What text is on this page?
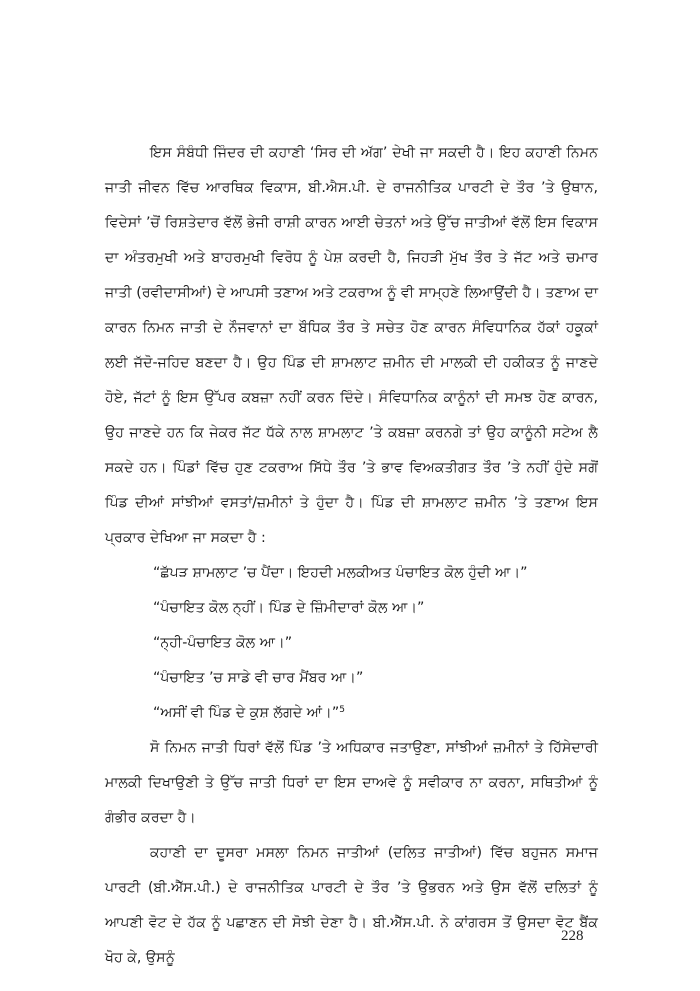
ਇਸ ਸੰਬੰਧੀ ਜਿੰਦਰ ਦੀ ਕਹਾਣੀ ‘ਸਿਰ ਦੀ ਅੱਗ’ ਦੇਖੀ ਜਾ ਸਕਦੀ ਹੈ। ਇਹ ਕਹਾਣੀ ਨਿਮਨ ਜਾਤੀ ਜੀਵਨ ਵਿੱਚ ਆਰਥਿਕ ਵਿਕਾਸ, ਬੀ.ਐਸ.ਪੀ. ਦੇ ਰਾਜਨੀਤਿਕ ਪਾਰਟੀ ਦੇ ਤੌਰ ’ਤੇ ਉਥਾਨ, ਵਿਦੇਸਾਂ ’ਚੋਂ ਰਿਸ਼ਤੇਦਾਰ ਵੱਲੋਂ ਭੇਜੀ ਰਾਸ਼ੀ ਕਾਰਨ ਆਈ ਚੇਤਨਾਂ ਅਤੇ ਉੱਚ ਜਾਤੀਆਂ ਵੱਲੋਂ ਇਸ ਵਿਕਾਸ ਦਾ ਅੰਤਰਮੁਖੀ ਅਤੇ ਬਾਹਰਮੁਖੀ ਵਿਰੋਧ ਨੂੰ ਪੇਸ਼ ਕਰਦੀ ਹੈ, ਜਿਹੜੀ ਮੁੱਖ ਤੌਰ ਤੇ ਜੱਟ ਅਤੇ ਚਮਾਰ ਜਾਤੀ (ਰਵੀਦਾਸੀਆਂ) ਦੇ ਆਪਸੀ ਤਣਾਅ ਅਤੇ ਟਕਰਾਅ ਨੂੰ ਵੀ ਸਾਮ੍ਹਣੇ ਲਿਆਉਂਦੀ ਹੈ। ਤਣਾਅ ਦਾ ਕਾਰਨ ਨਿਮਨ ਜਾਤੀ ਦੇ ਨੌਜਵਾਨਾਂ ਦਾ ਬੌਧਿਕ ਤੌਰ ਤੇ ਸਚੇਤ ਹੋਣ ਕਾਰਨ ਸੰਵਿਧਾਨਿਕ ਹੱਕਾਂ ਹਕੂਕਾਂ ਲਈ ਜੱਦੋ-ਜਹਿਦ ਬਣਦਾ ਹੈ। ਉਹ ਪਿੰਡ ਦੀ ਸ਼ਾਮਲਾਟ ਜ਼ਮੀਨ ਦੀ ਮਾਲਕੀ ਦੀ ਹਕੀਕਤ ਨੂੰ ਜਾਣਦੇ ਹੋਏ, ਜੱਟਾਂ ਨੂੰ ਇਸ ਉੱਪਰ ਕਬਜ਼ਾ ਨਹੀਂ ਕਰਨ ਦਿੰਦੇ। ਸੰਵਿਧਾਨਿਕ ਕਾਨੂੰਨਾਂ ਦੀ ਸਮਝ ਹੋਣ ਕਾਰਨ, ਉਹ ਜਾਣਦੇ ਹਨ ਕਿ ਜੇਕਰ ਜੱਟ ਧੱਕੇ ਨਾਲ ਸ਼ਾਮਲਾਟ ’ਤੇ ਕਬਜ਼ਾ ਕਰਨਗੇ ਤਾਂ ਉਹ ਕਾਨੂੰਨੀ ਸਟੇਅ ਲੈ ਸਕਦੇ ਹਨ। ਪਿੰਡਾਂ ਵਿੱਚ ਹੁਣ ਟਕਰਾਅ ਸਿੱਧੇ ਤੌਰ ’ਤੇ ਭਾਵ ਵਿਅਕਤੀਗਤ ਤੌਰ ’ਤੇ ਨਹੀਂ ਹੁੰਦੇ ਸਗੋਂ ਪਿੰਡ ਦੀਆਂ ਸਾਂਝੀਆਂ ਵਸਤਾਂ/ਜ਼ਮੀਨਾਂ ਤੇ ਹੁੰਦਾ ਹੈ। ਪਿੰਡ ਦੀ ਸ਼ਾਮਲਾਟ ਜ਼ਮੀਨ ’ਤੇ ਤਣਾਅ ਇਸ ਪ੍ਰਕਾਰ ਦੇਖਿਆ ਜਾ ਸਕਦਾ ਹੈ :

“ਛੱਪੜ ਸ਼ਾਮਲਾਟ ’ਚ ਪੈਂਦਾ। ਇਹਦੀ ਮਲਕੀਅਤ ਪੰਚਾਇਤ ਕੋਲ ਹੁੰਦੀ ਆ।”

“ਪੰਚਾਇਤ ਕੋਲ ਨ੍ਹੀਂ। ਪਿੰਡ ਦੇ ਜ਼ਿੰਮੀਦਾਰਾਂ ਕੋਲ ਆ।”

“ਨ੍ਹੀ-ਪੰਚਾਇਤ ਕੋਲ ਆ।”

“ਪੰਚਾਇਤ ’ਚ ਸਾਡੇ ਵੀ ਚਾਰ ਮੈਂਬਰ ਆ।”

“ਅਸੀਂ ਵੀ ਪਿੰਡ ਦੇ ਕੁਸ਼ ਲੱਗਦੇ ਆਂ।”$^5$

ਸੋ ਨਿਮਨ ਜਾਤੀ ਧਿਰਾਂ ਵੱਲੋਂ ਪਿੰਡ ’ਤੇ ਅਧਿਕਾਰ ਜਤਾਉਣਾ, ਸਾਂਝੀਆਂ ਜ਼ਮੀਨਾਂ ਤੇ ਹਿੱਸੇਦਾਰੀ ਮਾਲਕੀ ਦਿਖਾਉਣੀ ਤੇ ਉੱਚ ਜਾਤੀ ਧਿਰਾਂ ਦਾ ਇਸ ਦਾਅਵੇ ਨੂੰ ਸਵੀਕਾਰ ਨਾ ਕਰਨਾ, ਸਥਿਤੀਆਂ ਨੂੰ ਗੰਭੀਰ ਕਰਦਾ ਹੈ।

ਕਹਾਣੀ ਦਾ ਦੂਸਰਾ ਮਸਲਾ ਨਿਮਨ ਜਾਤੀਆਂ (ਦਲਿਤ ਜਾਤੀਆਂ) ਵਿੱਚ ਬਹੁਜਨ ਸਮਾਜ ਪਾਰਟੀ (ਬੀ.ਐੱਸ.ਪੀ.) ਦੇ ਰਾਜਨੀਤਿਕ ਪਾਰਟੀ ਦੇ ਤੌਰ ’ਤੇ ਉਭਰਨ ਅਤੇ ਉਸ ਵੱਲੋਂ ਦਲਿਤਾਂ ਨੂੰ ਆਪਣੀ ਵੋਟ ਦੇ ਹੱਕ ਨੂੰ ਪਛਾਣਨ ਦੀ ਸੋਝੀ ਦੇਣਾ ਹੈ। ਬੀ.ਐੱਸ.ਪੀ. ਨੇ ਕਾਂਗਰਸ ਤੋਂ ਉਸਦਾ ਵੋਟ ਬੈਂਕ ਖੋਹ ਕੇ, ਉਸਨੂੰ

228
